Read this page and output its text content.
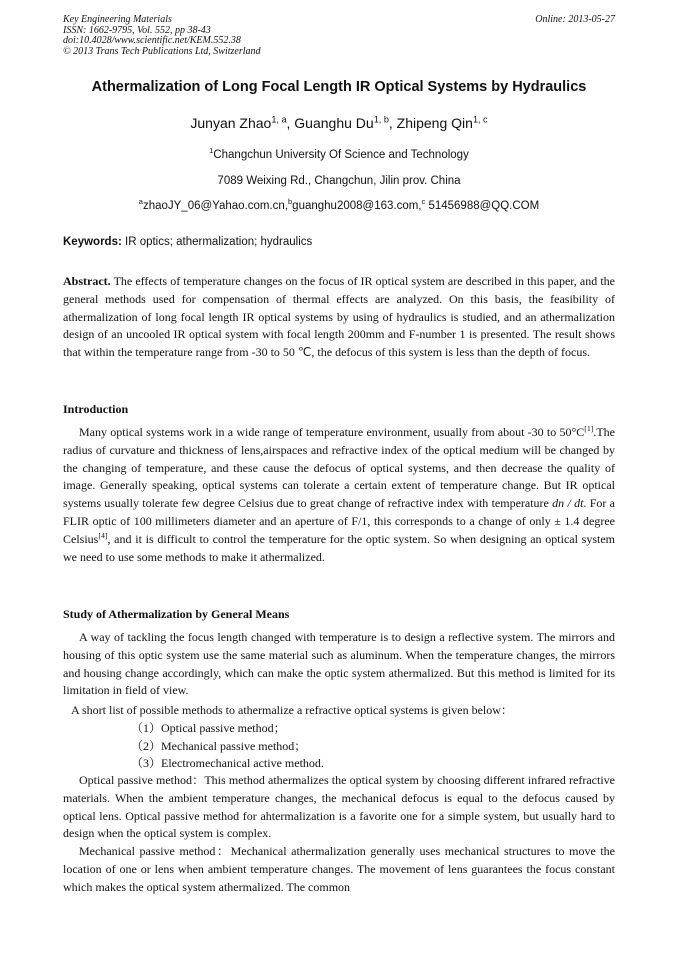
Key Engineering Materials
ISSN: 1662-9795, Vol. 552, pp 38-43
doi:10.4028/www.scientific.net/KEM.552.38
© 2013 Trans Tech Publications Ltd, Switzerland
Online: 2013-05-27
Athermalization of Long Focal Length IR Optical Systems by Hydraulics
Junyan Zhao$^{1, a}$, Guanghu Du$^{1, b}$, Zhipeng Qin$^{1, c}$
$^1$Changchun University Of Science and Technology
7089 Weixing Rd., Changchun, Jilin prov. China
$^a$zhaoJY_06@Yahao.com.cn,$^b$guanghu2008@163.com,$^c$ 51456988@QQ.COM
Keywords: IR optics; athermalization; hydraulics

Abstract. The effects of temperature changes on the focus of IR optical system are described in this paper, and the general methods used for compensation of thermal effects are analyzed. On this basis, the feasibility of athermalization of long focal length IR optical systems by using of hydraulics is studied, and an athermalization design of an uncooled IR optical system with focal length 200mm and F-number 1 is presented. The result shows that within the temperature range from -30 to 50 ℃, the defocus of this system is less than the depth of focus.

Introduction

Many optical systems work in a wide range of temperature environment, usually from about -30 to 50°C[1].The radius of curvature and thickness of lens,airspaces and refractive index of the optical medium will be changed by the changing of temperature, and these cause the defocus of optical systems, and then decrease the quality of image. Generally speaking, optical systems can tolerate a certain extent of temperature change. But IR optical systems usually tolerate few degree Celsius due to great change of refractive index with temperature dn / dt. For a FLIR optic of 100 millimeters diameter and an aperture of F/1, this corresponds to a change of only ± 1.4 degree Celsius[4], and it is difficult to control the temperature for the optic system. So when designing an optical system we need to use some methods to make it athermalized.

Study of Athermalization by General Means

A way of tackling the focus length changed with temperature is to design a reflective system. The mirrors and housing of this optic system use the same material such as aluminum. When the temperature changes, the mirrors and housing change accordingly, which can make the optic system athermalized. But this method is limited for its limitation in field of view.

A short list of possible methods to athermalize a refractive optical systems is given below：
（1）Optical passive method；
（2）Mechanical passive method；
（3）Electromechanical active method.

Optical passive method：This method athermalizes the optical system by choosing different infrared refractive materials. When the ambient temperature changes, the mechanical defocus is equal to the defocus caused by optical lens. Optical passive method for ahtermalization is a favorite one for a simple system, but usually hard to design when the optical system is complex.

Mechanical passive method：Mechanical athermalization generally uses mechanical structures to move the location of one or lens when ambient temperature changes. The movement of lens guarantees the focus constant which makes the optical system athermalized. The common
